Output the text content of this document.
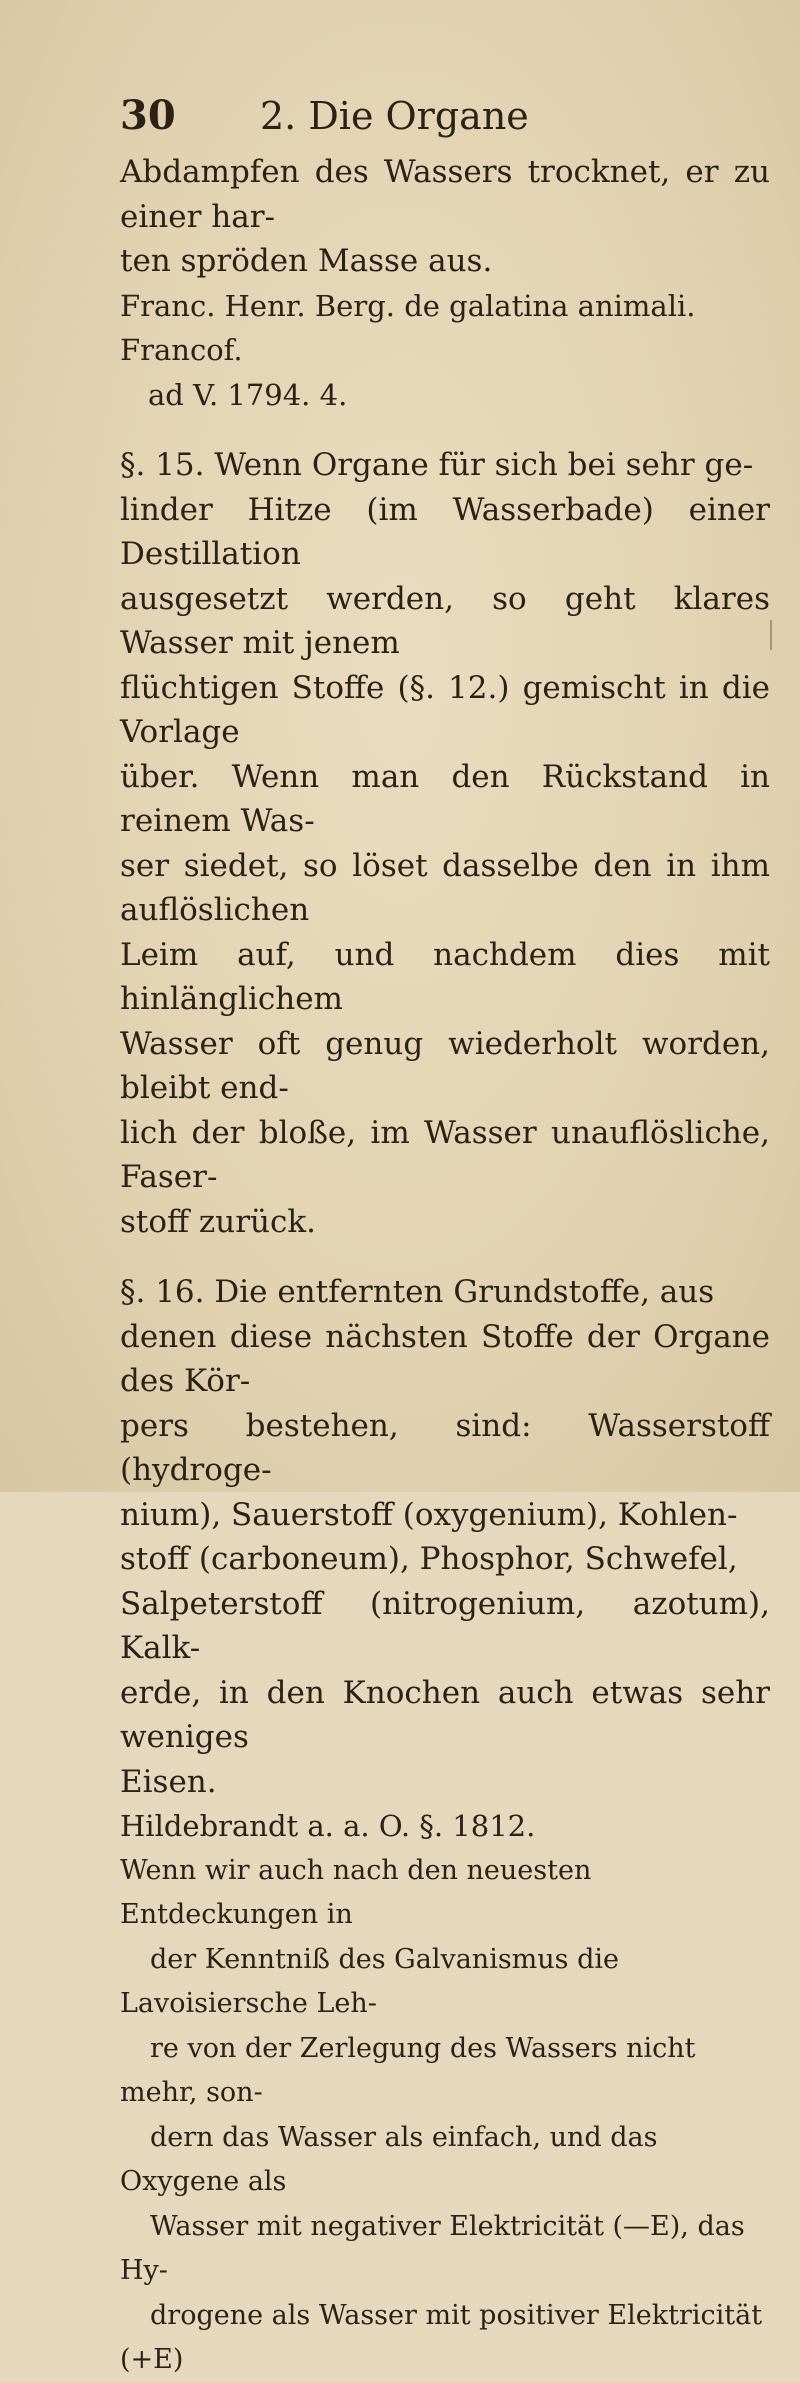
30 2. Die Organe

Abdampfen des Wassers trocknet, er zu einer har-

ten spröden Masse aus.

Franc. Henr. Berg. de galatina animali. Francof.

ad V. 1794. 4.

§. 15. Wenn Organe für sich bei sehr ge-

linder Hitze (im Wasserbade) einer Destillation

ausgesetzt werden, so geht klares Wasser mit jenem

flüchtigen Stoffe (§. 12.) gemischt in die Vorlage

über. Wenn man den Rückstand in reinem Was-

ser siedet, so löset dasselbe den in ihm auflöslichen

Leim auf, und nachdem dies mit hinlänglichem

Wasser oft genug wiederholt worden, bleibt end-

lich der bloße, im Wasser unauflösliche, Faser-

stoff zurück.

§. 16. Die entfernten Grundstoffe, aus

denen diese nächsten Stoffe der Organe des Kör-

pers bestehen, sind: Wasserstoff (hydroge-

nium), Sauerstoff (oxygenium), Kohlen-

stoff (carboneum), Phosphor, Schwefel,

Salpeterstoff (nitrogenium, azotum), Kalk-

erde, in den Knochen auch etwas sehr weniges

Eisen.

Hildebrandt a. a. O. §. 1812.

Wenn wir auch nach den neuesten Entdeckungen in

der Kenntniß des Galvanismus die Lavoisiersche Leh-

re von der Zerlegung des Wassers nicht mehr, son-

dern das Wasser als einfach, und das Oxygene als

Wasser mit negativer Elektricität (—E), das Hy-

drogene als Wasser mit positiver Elektricität (+E)
